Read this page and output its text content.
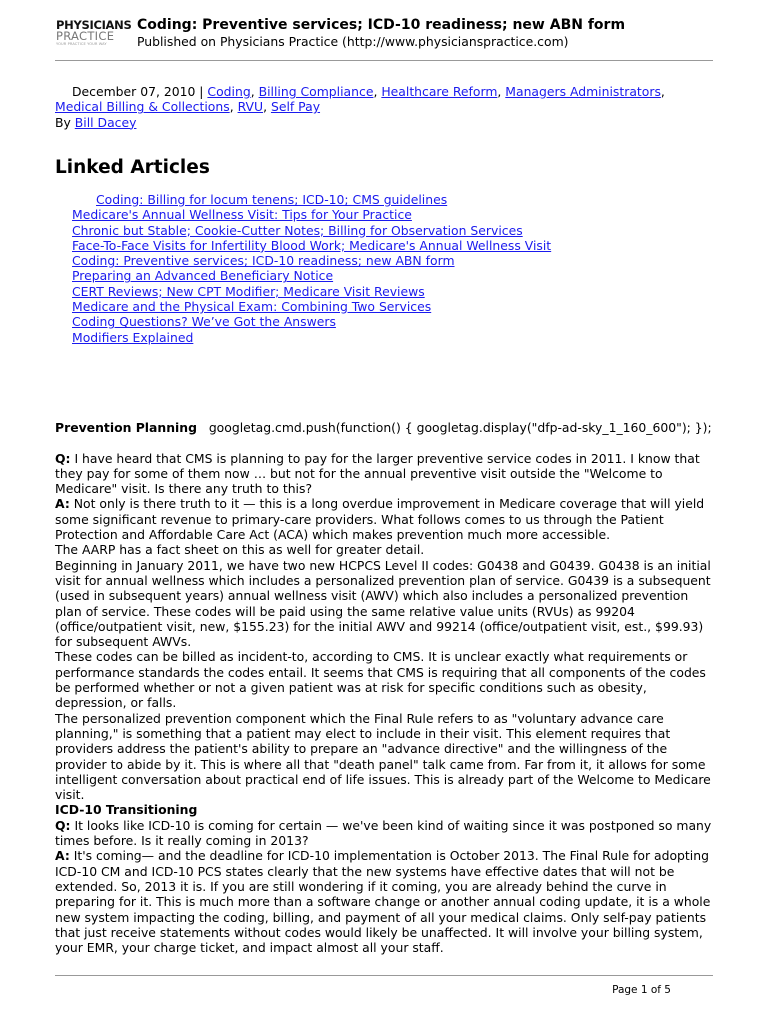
PHYSICIANS
PRACTICE
YOUR PRACTICE YOUR WAY
Coding: Preventive services; ICD-10 readiness; new ABN form
Published on Physicians Practice (http://www.physicianspractice.com)
December 07, 2010 | Coding, Billing Compliance, Healthcare Reform, Managers Administrators,
Medical Billing & Collections, RVU, Self Pay
By Bill Dacey
Linked Articles
Coding: Billing for locum tenens; ICD-10; CMS guidelines
Medicare's Annual Wellness Visit: Tips for Your Practice
Chronic but Stable; Cookie-Cutter Notes; Billing for Observation Services
Face-To-Face Visits for Infertility Blood Work; Medicare's Annual Wellness Visit
Coding: Preventive services; ICD-10 readiness; new ABN form
Preparing an Advanced Beneficiary Notice
CERT Reviews; New CPT Modifier; Medicare Visit Reviews
Medicare and the Physical Exam: Combining Two Services
Coding Questions? We’ve Got the Answers
Modifiers Explained

Prevention Planning googletag.cmd.push(function() { googletag.display("dfp-ad-sky_1_160_600"); });

Q: I have heard that CMS is planning to pay for the larger preventive service codes in 2011. I know that they pay for some of them now … but not for the annual preventive visit outside the "Welcome to Medicare" visit. Is there any truth to this?

A: Not only is there truth to it — this is a long overdue improvement in Medicare coverage that will yield some significant revenue to primary-care providers. What follows comes to us through the Patient Protection and Affordable Care Act (ACA) which makes prevention much more accessible.

The AARP has a fact sheet on this as well for greater detail.

Beginning in January 2011, we have two new HCPCS Level II codes: G0438 and G0439. G0438 is an initial visit for annual wellness which includes a personalized prevention plan of service. G0439 is a subsequent (used in subsequent years) annual wellness visit (AWV) which also includes a personalized prevention plan of service. These codes will be paid using the same relative value units (RVUs) as 99204 (office/outpatient visit, new, $155.23) for the initial AWV and 99214 (office/outpatient visit, est., $99.93) for subsequent AWVs.

These codes can be billed as incident-to, according to CMS. It is unclear exactly what requirements or performance standards the codes entail. It seems that CMS is requiring that all components of the codes be performed whether or not a given patient was at risk for specific conditions such as obesity, depression, or falls.

The personalized prevention component which the Final Rule refers to as "voluntary advance care planning," is something that a patient may elect to include in their visit. This element requires that providers address the patient's ability to prepare an "advance directive" and the willingness of the provider to abide by it. This is where all that "death panel" talk came from. Far from it, it allows for some intelligent conversation about practical end of life issues. This is already part of the Welcome to Medicare visit.

ICD-10 Transitioning

Q: It looks like ICD-10 is coming for certain — we've been kind of waiting since it was postponed so many times before. Is it really coming in 2013?

A: It's coming— and the deadline for ICD-10 implementation is October 2013. The Final Rule for adopting ICD-10 CM and ICD-10 PCS states clearly that the new systems have effective dates that will not be extended. So, 2013 it is. If you are still wondering if it coming, you are already behind the curve in preparing for it. This is much more than a software change or another annual coding update, it is a whole new system impacting the coding, billing, and payment of all your medical claims. Only self-pay patients that just receive statements without codes would likely be unaffected. It will involve your billing system, your EMR, your charge ticket, and impact almost all your staff.

Page 1 of 5
